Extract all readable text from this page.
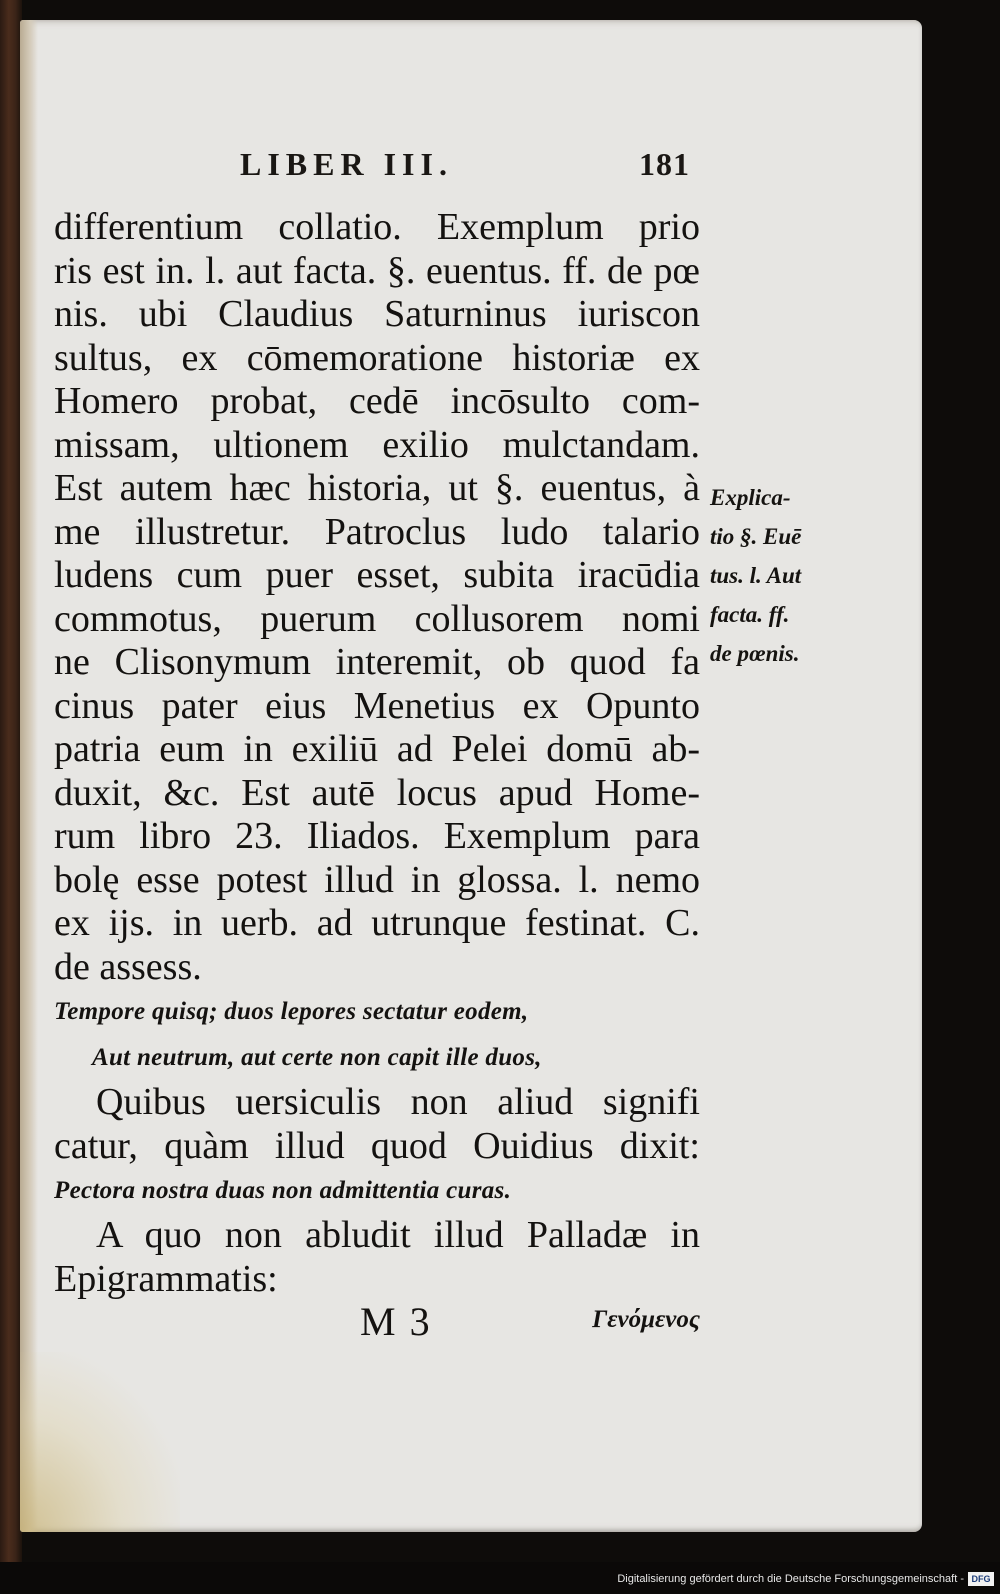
LIBER III.	181
differentium collatio. Exemplum prio
ris est in. l. aut facta. §. euentus. ff. de pœ
nis. ubi Claudius Saturninus iuriscon
sultus, ex cōmemoratione historiæ ex
Homero probat, cedē incōsulto com-
missam, ultionem exilio mulctandam.
Est autem hæc historia, ut §. euentus, à
me illustretur. Patroclus ludo talario
ludens cum puer esset, subita iracūdia
commotus, puerum collusorem nomi
ne Clisonymum interemit, ob quod fa
cinus pater eius Menetius ex Opunto
patria eum in exiliū ad Pelei domū ab-
duxit, &c. Est autē locus apud Home-
rum libro 23. Iliados. Exemplum para
bolę esse potest illud in glossa. l. nemo
ex ijs. in uerb. ad utrunque festinat. C.
de assess.
Tempore quisq; duos lepores sectatur eodem,
Aut neutrum, aut certe non capit ille duos,
Quibus uersiculis non aliud signifi
catur, quàm illud quod Ouidius dixit:
Pectora nostra duas non admittentia curas.
A quo non abludit illud Palladæ in
Epigrammatis:
Explica-
tio §. Euē
tus. l. Aut
facta. ff.
de pœnis.
M 3	Γενόμενος
Digitalisierung gefördert durch die Deutsche Forschungsgemeinschaft - DFG
